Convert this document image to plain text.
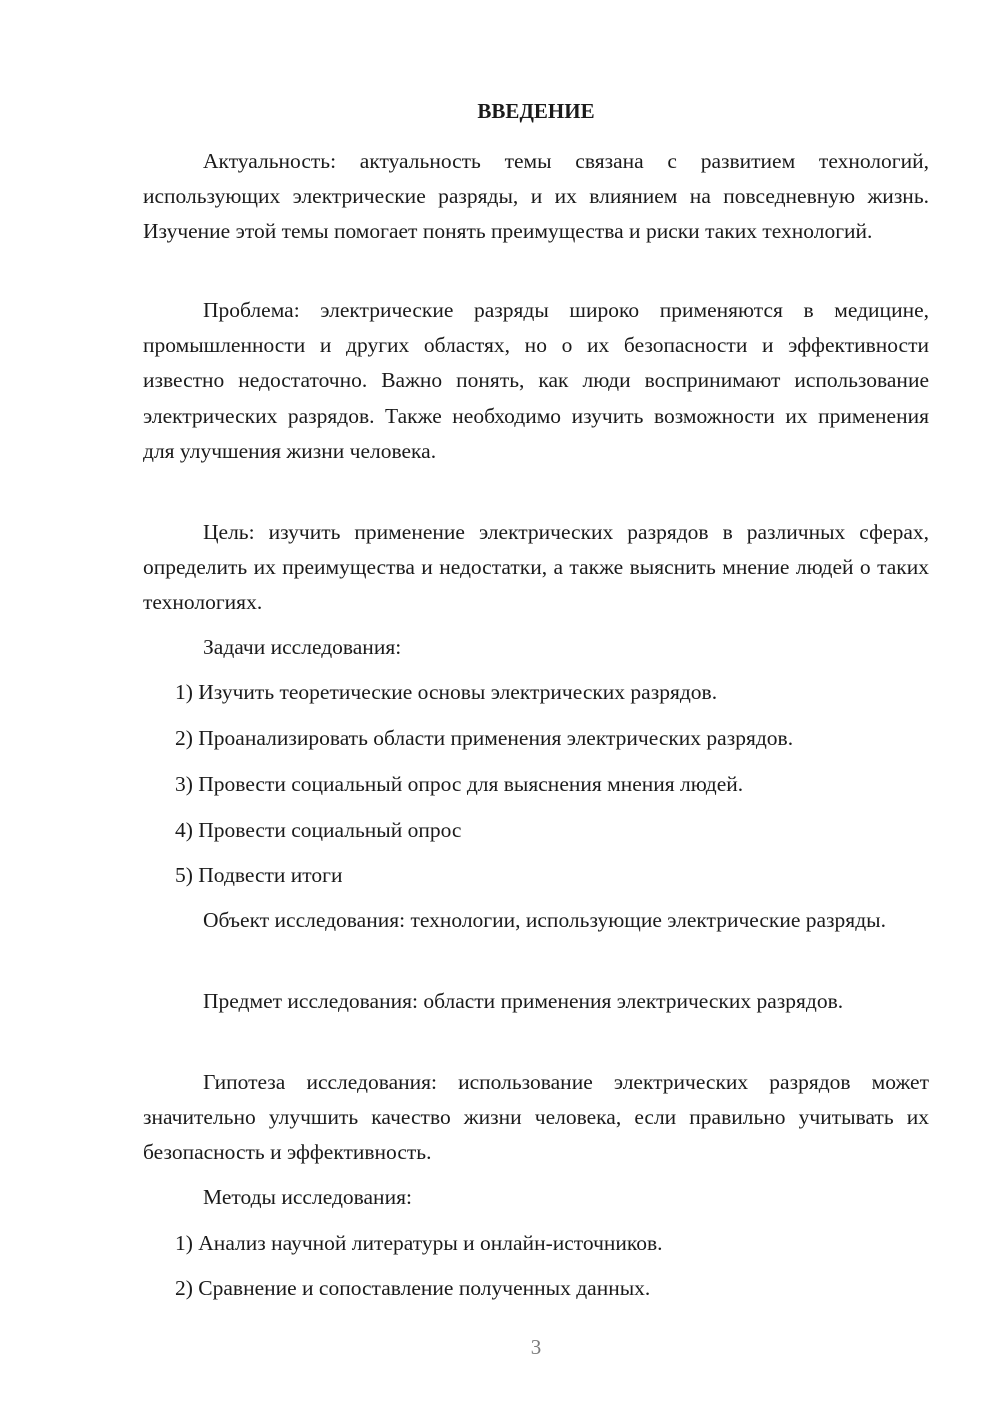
ВВЕДЕНИЕ

Актуальность: актуальность темы связана с развитием технологий, использующих электрические разряды, и их влиянием на повседневную жизнь. Изучение этой темы помогает понять преимущества и риски таких технологий.

Проблема: электрические разряды широко применяются в медицине, промышленности и других областях, но о их безопасности и эффективности известно недостаточно. Важно понять, как люди воспринимают использование электрических разрядов. Также необходимо изучить возможности их применения для улучшения жизни человека.

Цель: изучить применение электрических разрядов в различных сферах, определить их преимущества и недостатки, а также выяснить мнение людей о таких технологиях.

Задачи исследования:

1) Изучить теоретические основы электрических разрядов.

2) Проанализировать области применения электрических разрядов.

3) Провести социальный опрос для выяснения мнения людей.

4) Провести социальный опрос

5) Подвести итоги

Объект исследования: технологии, использующие электрические разряды.

Предмет исследования: области применения электрических разрядов.

Гипотеза исследования: использование электрических разрядов может значительно улучшить качество жизни человека, если правильно учитывать их безопасность и эффективность.

Методы исследования:

1) Анализ научной литературы и онлайн-источников.

2) Сравнение и сопоставление полученных данных.

3
